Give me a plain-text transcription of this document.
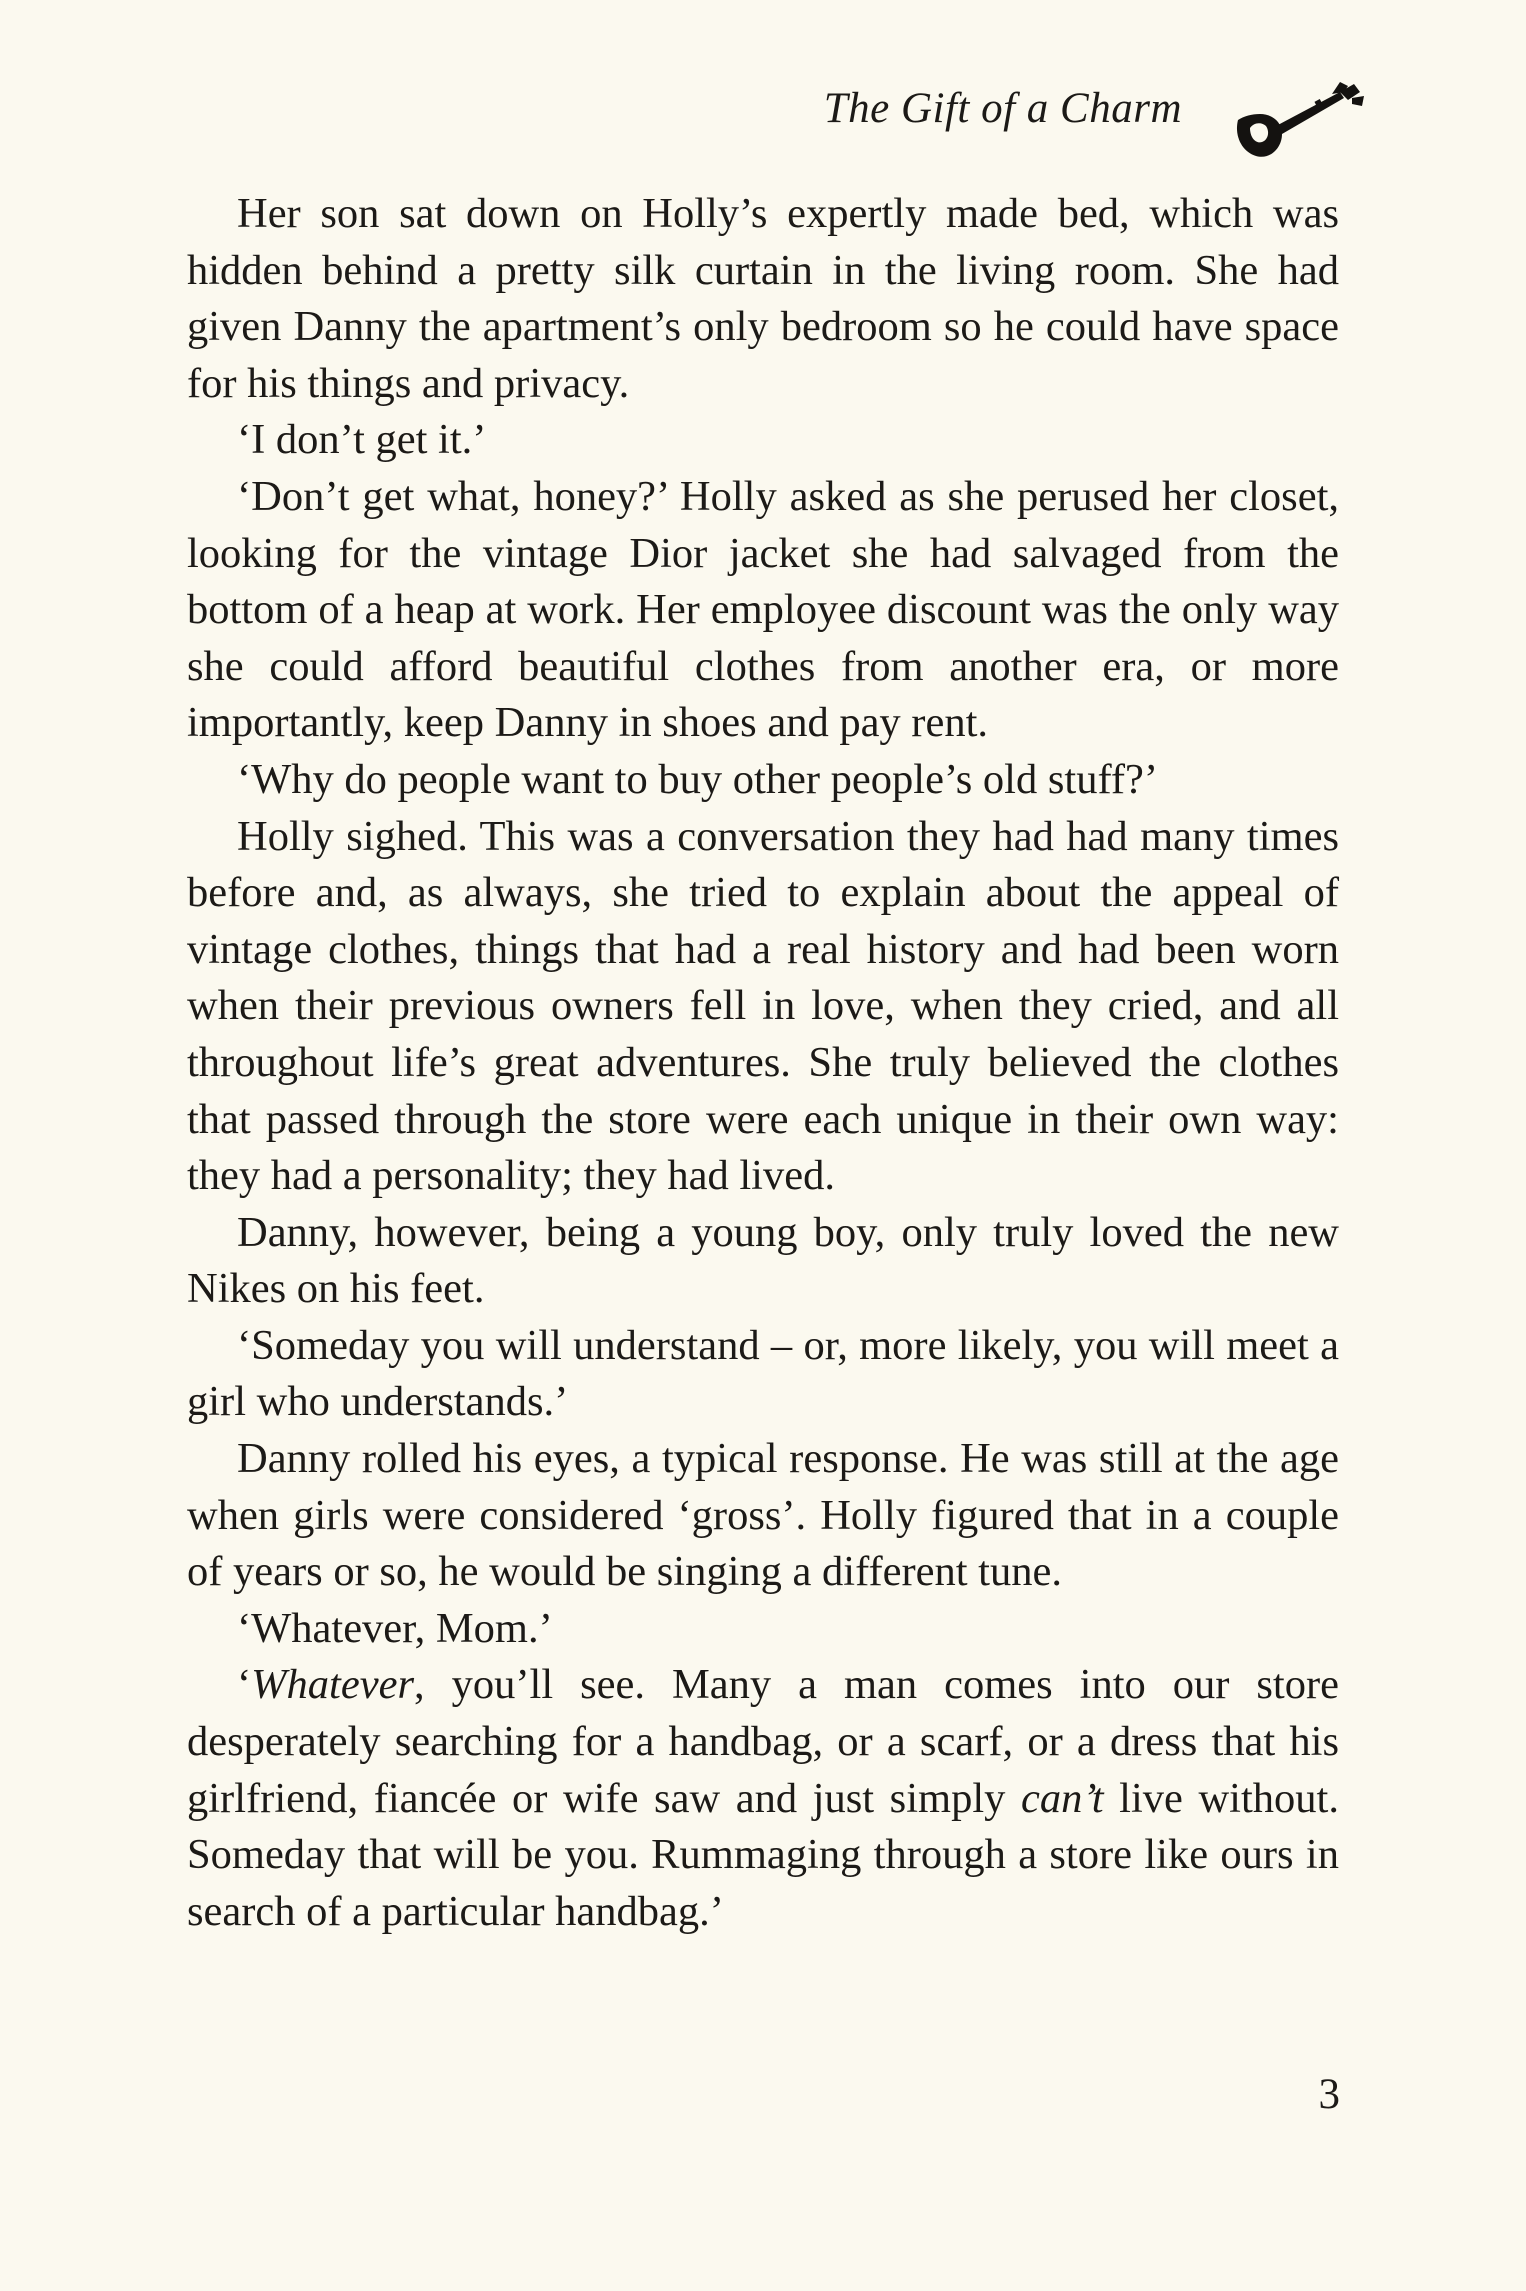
The Gift of a Charm

Her son sat down on Holly’s expertly made bed, which was hidden behind a pretty silk curtain in the living room. She had given Danny the apartment’s only bedroom so he could have space for his things and privacy.

‘I don’t get it.’

‘Don’t get what, honey?’ Holly asked as she perused her closet, looking for the vintage Dior jacket she had salvaged from the bottom of a heap at work. Her employee discount was the only way she could afford beautiful clothes from another era, or more importantly, keep Danny in shoes and pay rent.

‘Why do people want to buy other people’s old stuff?’

Holly sighed. This was a conversation they had had many times before and, as always, she tried to explain about the appeal of vintage clothes, things that had a real history and had been worn when their previous owners fell in love, when they cried, and all throughout life’s great adventures. She truly believed the clothes that passed through the store were each unique in their own way: they had a personality; they had lived.

Danny, however, being a young boy, only truly loved the new Nikes on his feet.

‘Someday you will understand – or, more likely, you will meet a girl who understands.’

Danny rolled his eyes, a typical response. He was still at the age when girls were considered ‘gross’. Holly figured that in a couple of years or so, he would be singing a different tune.

‘Whatever, Mom.’

‘Whatever, you’ll see. Many a man comes into our store desperately searching for a handbag, or a scarf, or a dress that his girlfriend, fiancée or wife saw and just simply can’t live without. Someday that will be you. Rummaging through a store like ours in search of a particular handbag.’

3
